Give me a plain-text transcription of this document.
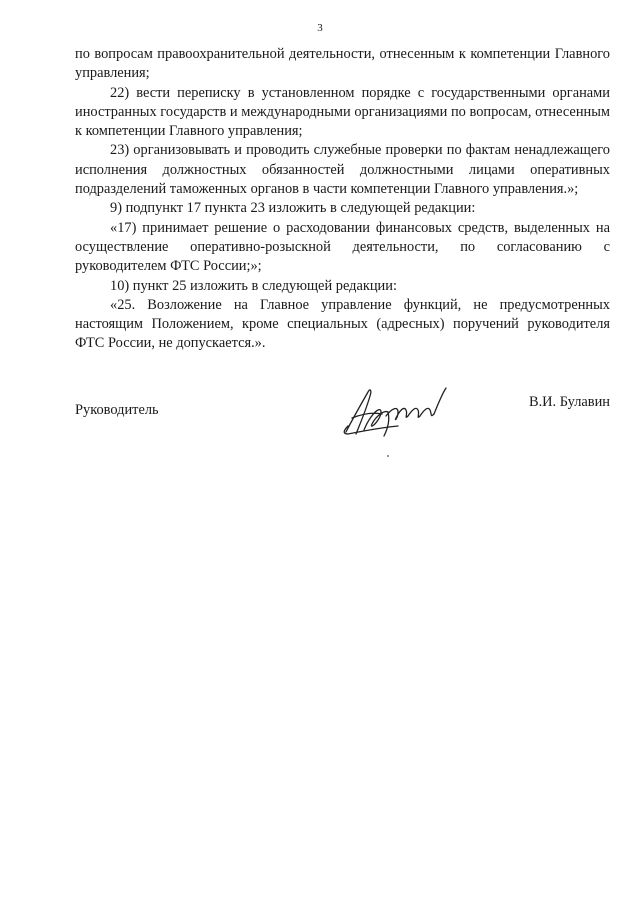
3

по вопросам правоохранительной деятельности, отнесенным к компетенции Главного управления;

22) вести переписку в установленном порядке с государственными органами иностранных государств и международными организациями по вопросам, отнесенным к компетенции Главного управления;

23) организовывать и проводить служебные проверки по фактам ненадлежащего исполнения должностных обязанностей должностными лицами оперативных подразделений таможенных органов в части компетенции Главного управления.»;

9) подпункт 17 пункта 23 изложить в следующей редакции:

«17) принимает решение о расходовании финансовых средств, выделенных на осуществление оперативно-розыскной деятельности, по согласованию с руководителем ФТС России;»;

10) пункт 25 изложить в следующей редакции:

«25. Возложение на Главное управление функций, не предусмотренных настоящим Положением, кроме специальных (адресных) поручений руководителя ФТС России, не допускается.».

Руководитель	В.И. Булавин
